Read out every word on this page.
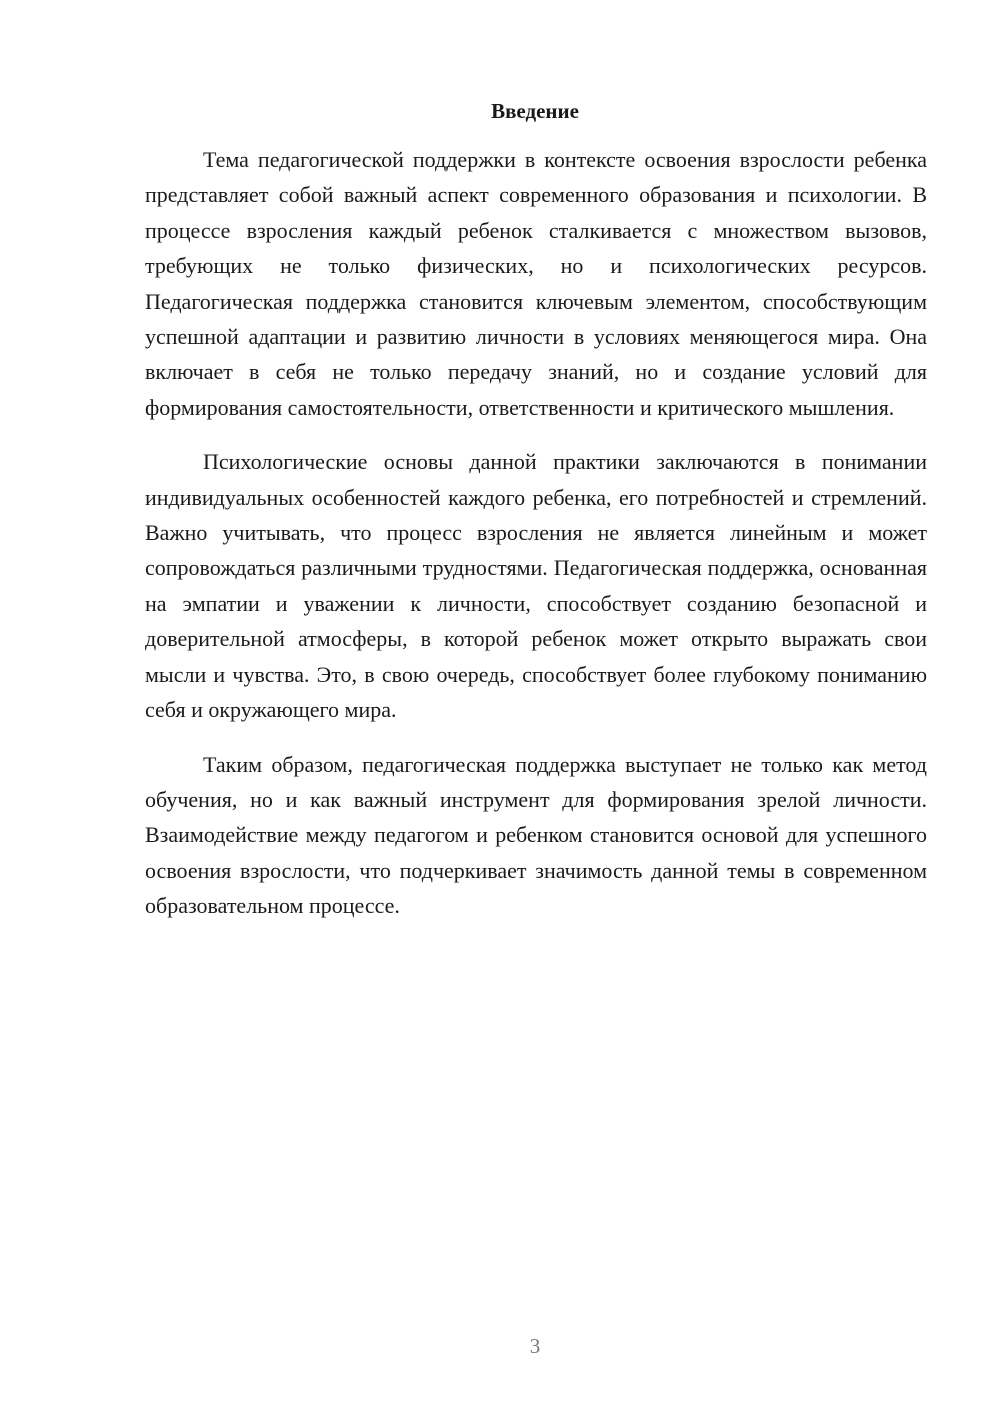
Введение

Тема педагогической поддержки в контексте освоения взрослости ребенка представляет собой важный аспект современного образования и психологии. В процессе взросления каждый ребенок сталкивается с множеством вызовов, требующих не только физических, но и психологических ресурсов. Педагогическая поддержка становится ключевым элементом, способствующим успешной адаптации и развитию личности в условиях меняющегося мира. Она включает в себя не только передачу знаний, но и создание условий для формирования самостоятельности, ответственности и критического мышления.

Психологические основы данной практики заключаются в понимании индивидуальных особенностей каждого ребенка, его потребностей и стремлений. Важно учитывать, что процесс взросления не является линейным и может сопровождаться различными трудностями. Педагогическая поддержка, основанная на эмпатии и уважении к личности, способствует созданию безопасной и доверительной атмосферы, в которой ребенок может открыто выражать свои мысли и чувства. Это, в свою очередь, способствует более глубокому пониманию себя и окружающего мира.

Таким образом, педагогическая поддержка выступает не только как метод обучения, но и как важный инструмент для формирования зрелой личности. Взаимодействие между педагогом и ребенком становится основой для успешного освоения взрослости, что подчеркивает значимость данной темы в современном образовательном процессе.

3
